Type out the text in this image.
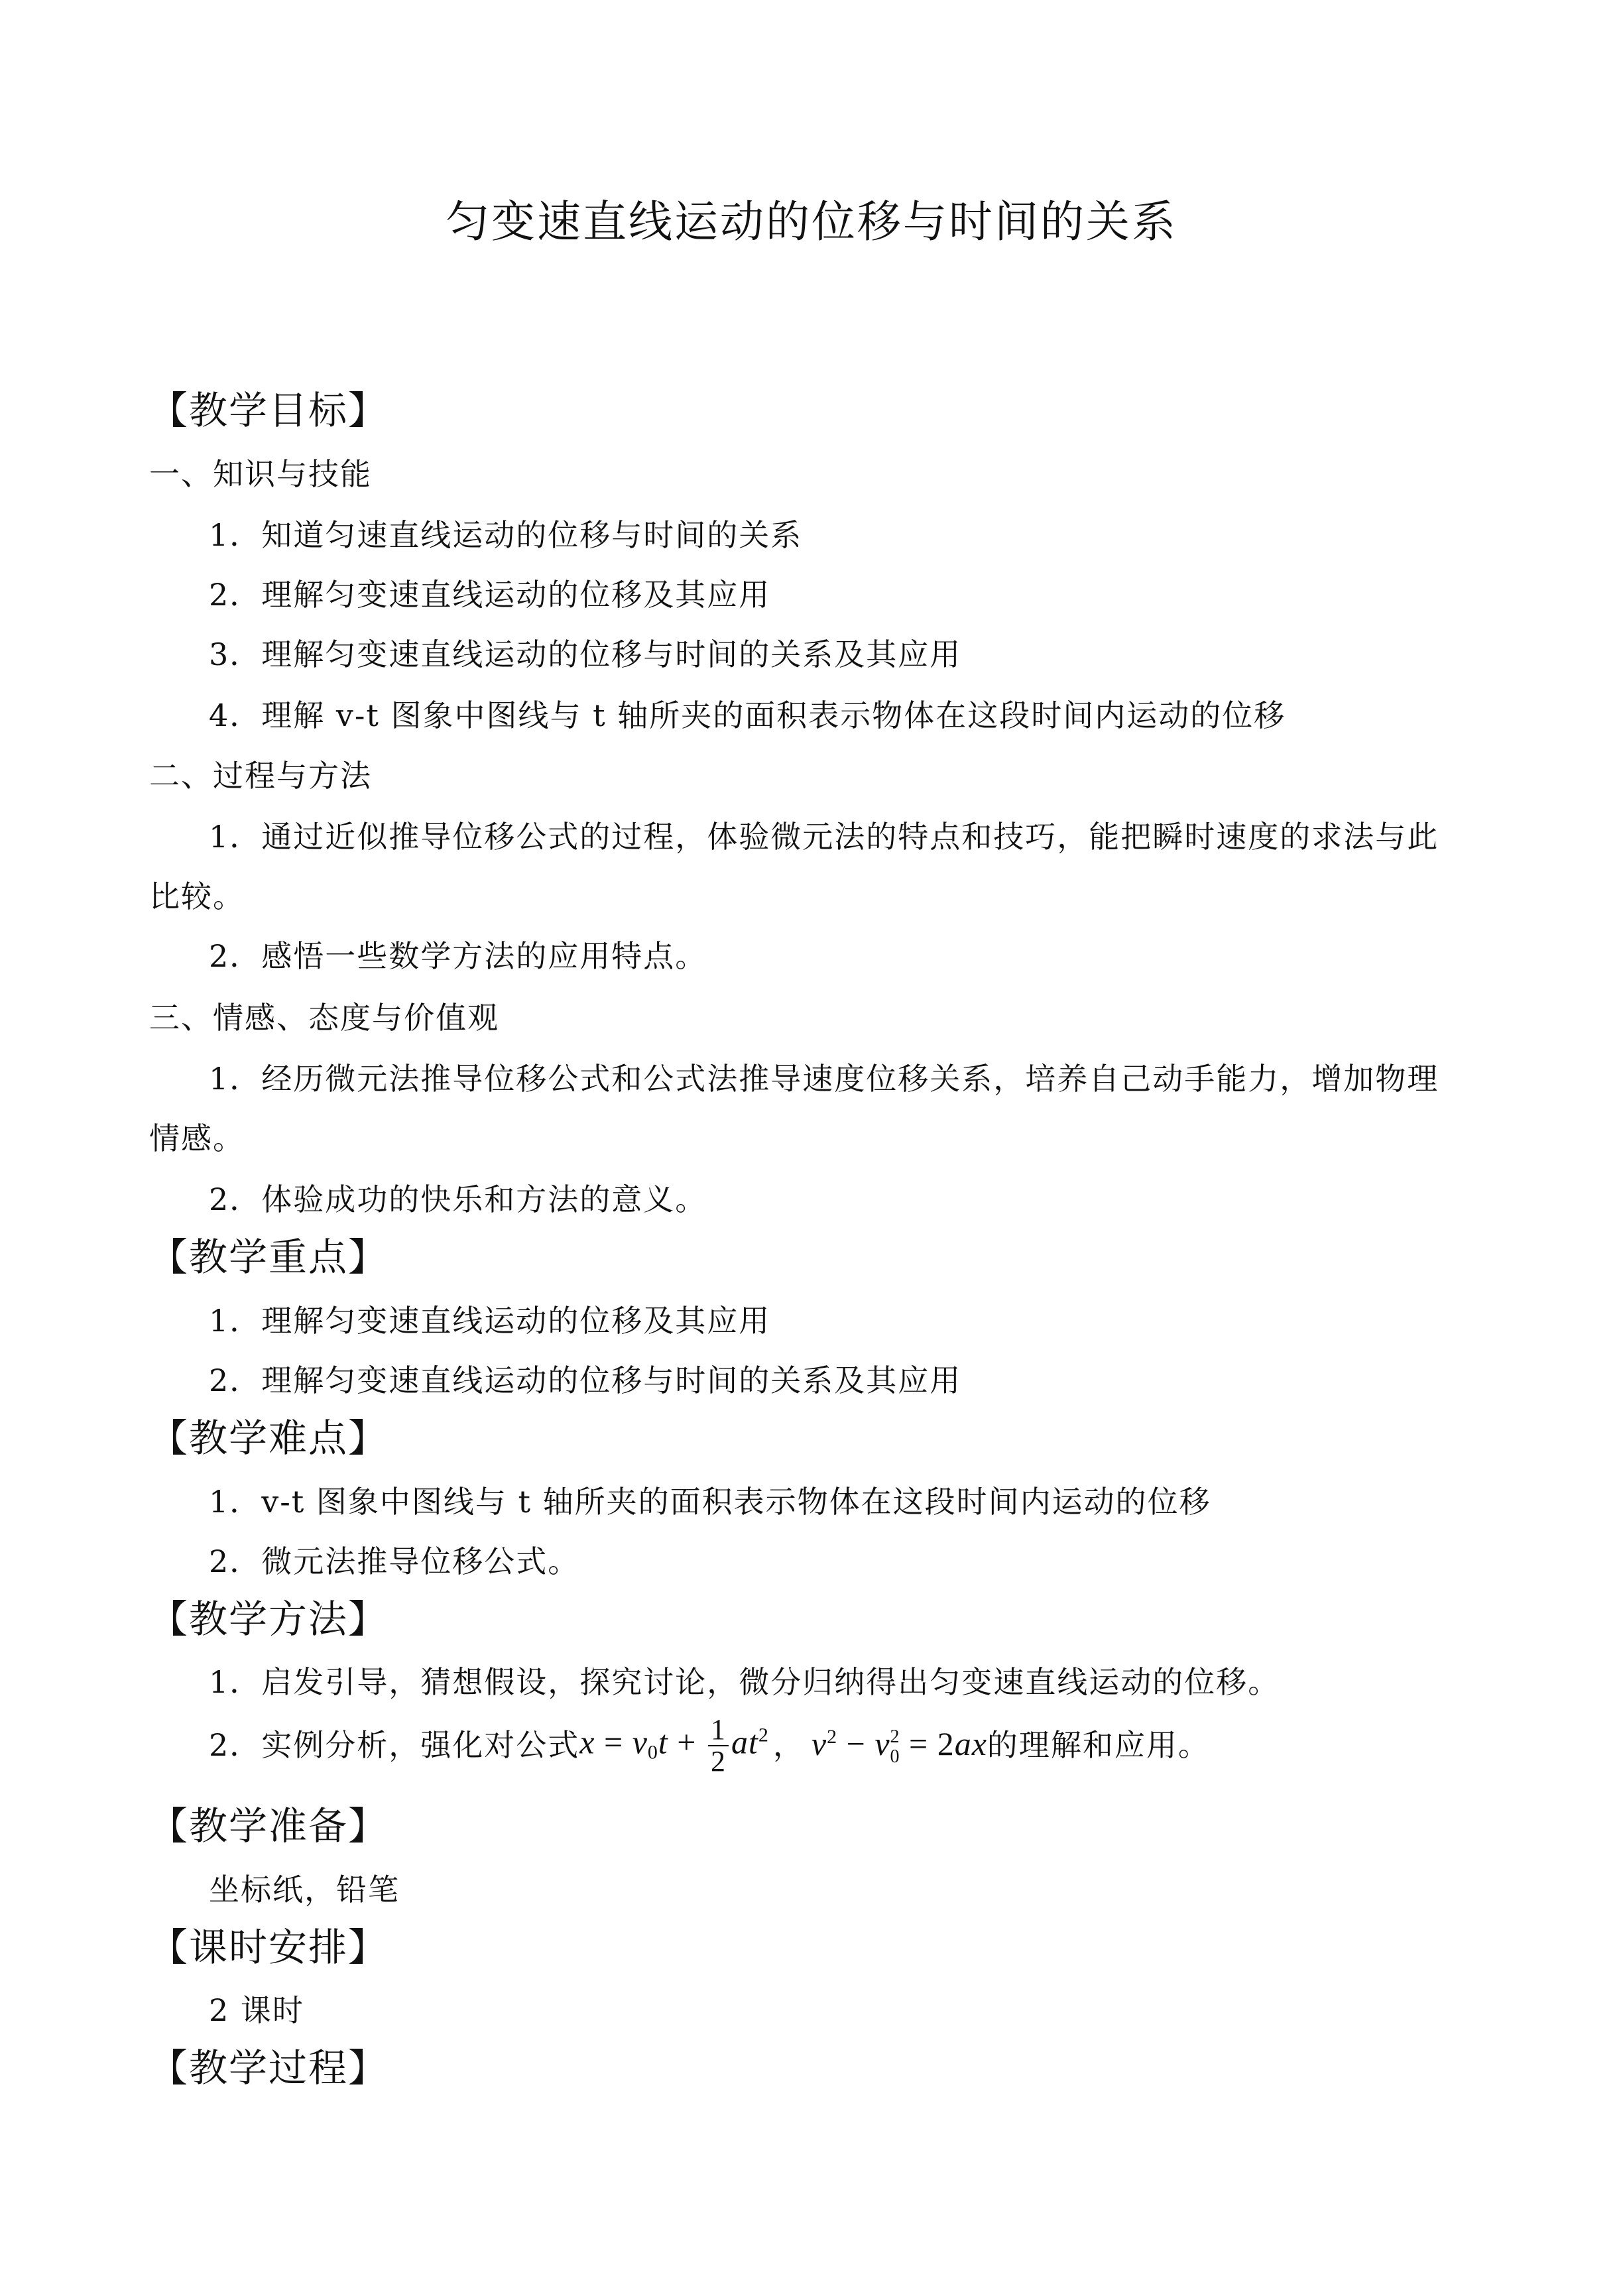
匀变速直线运动的位移与时间的关系
【教学目标】
一、知识与技能
1．知道匀速直线运动的位移与时间的关系
2．理解匀变速直线运动的位移及其应用
3．理解匀变速直线运动的位移与时间的关系及其应用
4．理解 v-t 图象中图线与 t 轴所夹的面积表示物体在这段时间内运动的位移
二、过程与方法
1．通过近似推导位移公式的过程，体验微元法的特点和技巧，能把瞬时速度的求法与此
比较。
2．感悟一些数学方法的应用特点。
三、情感、态度与价值观
1．经历微元法推导位移公式和公式法推导速度位移关系，培养自己动手能力，增加物理
情感。
2．体验成功的快乐和方法的意义。
【教学重点】
1．理解匀变速直线运动的位移及其应用
2．理解匀变速直线运动的位移与时间的关系及其应用
【教学难点】
1．v-t 图象中图线与 t 轴所夹的面积表示物体在这段时间内运动的位移
2．微元法推导位移公式。
【教学方法】
1．启发引导，猜想假设，探究讨论，微分归纳得出匀变速直线运动的位移。
2．实例分析，强化对公式 $x = v_0t + \frac{1}{2} at^2$ ， $v^2 - v$ 2
0 = 2ax 的理解和应用。
【教学准备】
坐标纸，铅笔
【课时安排】
2 课时
【教学过程】
